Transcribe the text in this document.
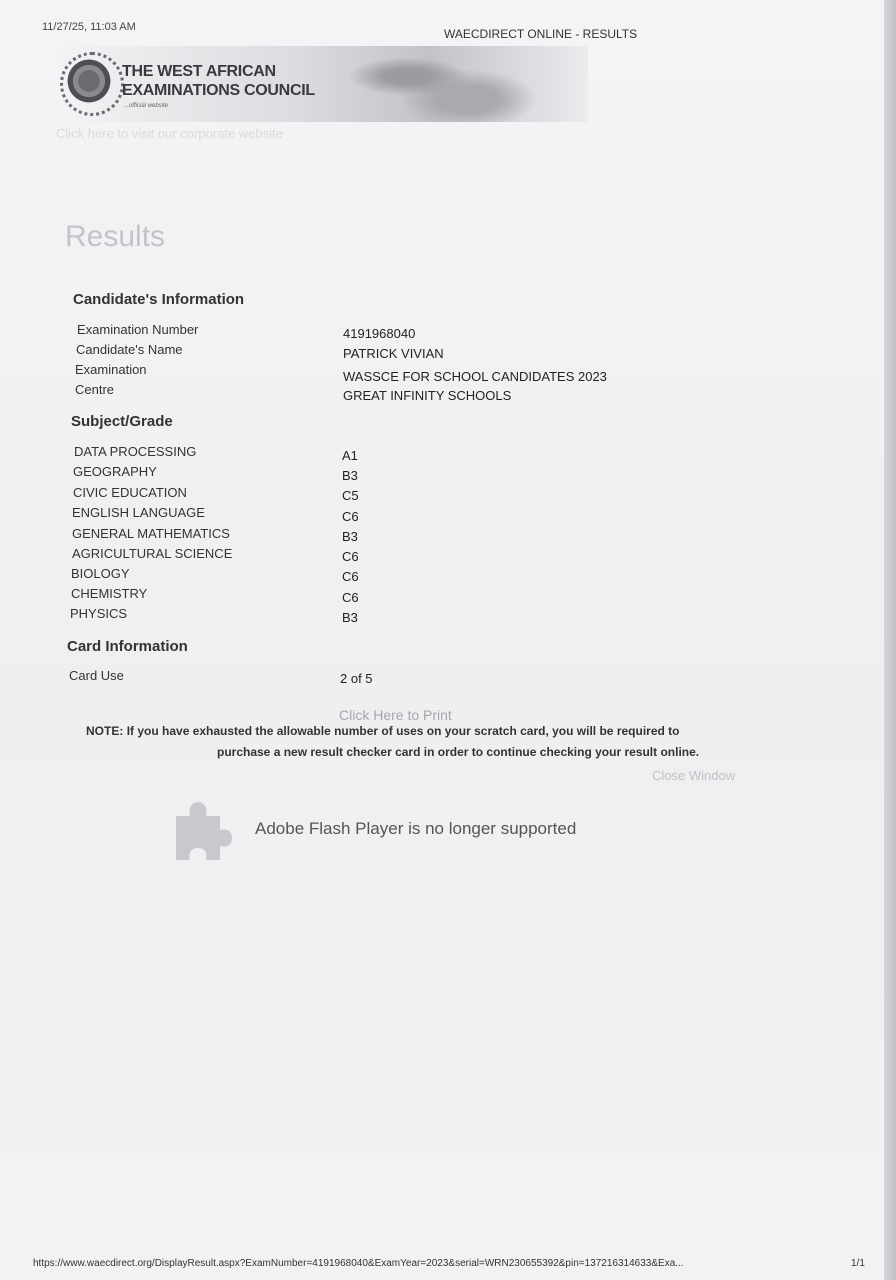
11/27/25, 11:03 AM	WAECDIRECT ONLINE - RESULTS
THE WEST AFRICAN
EXAMINATIONS COUNCIL
...official website
Click here to visit our corporate website
Results
Candidate's Information
Examination Number	4191968040
Candidate's Name	PATRICK VIVIAN
Examination	WASSCE FOR SCHOOL CANDIDATES 2023
Centre	GREAT INFINITY SCHOOLS
Subject/Grade
DATA PROCESSING	A1
GEOGRAPHY	B3
CIVIC EDUCATION	C5
ENGLISH LANGUAGE	C6
GENERAL MATHEMATICS	B3
AGRICULTURAL SCIENCE	C6
BIOLOGY	C6
CHEMISTRY	C6
PHYSICS	B3
Card Information
Card Use	2 of 5
Click Here to Print
NOTE: If you have exhausted the allowable number of uses on your scratch card, you will be required to
purchase a new result checker card in order to continue checking your result online.
Close Window
Adobe Flash Player is no longer supported
https://www.waecdirect.org/DisplayResult.aspx?ExamNumber=4191968040&ExamYear=2023&serial=WRN230655392&pin=137216314633&Exa...	1/1
